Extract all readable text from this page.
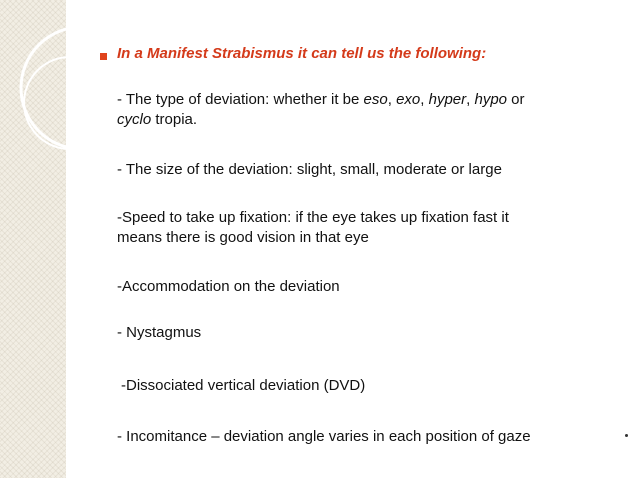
In a Manifest Strabismus it can tell us the following:
- The type of deviation: whether it be eso, exo, hyper, hypo or
cyclo tropia.
- The size of the deviation: slight, small, moderate or large
-Speed to take up fixation: if the eye takes up fixation fast it
means there is good vision in that eye
-Accommodation on the deviation
- Nystagmus
-Dissociated vertical deviation (DVD)
- Incomitance – deviation angle varies in each position of gaze
